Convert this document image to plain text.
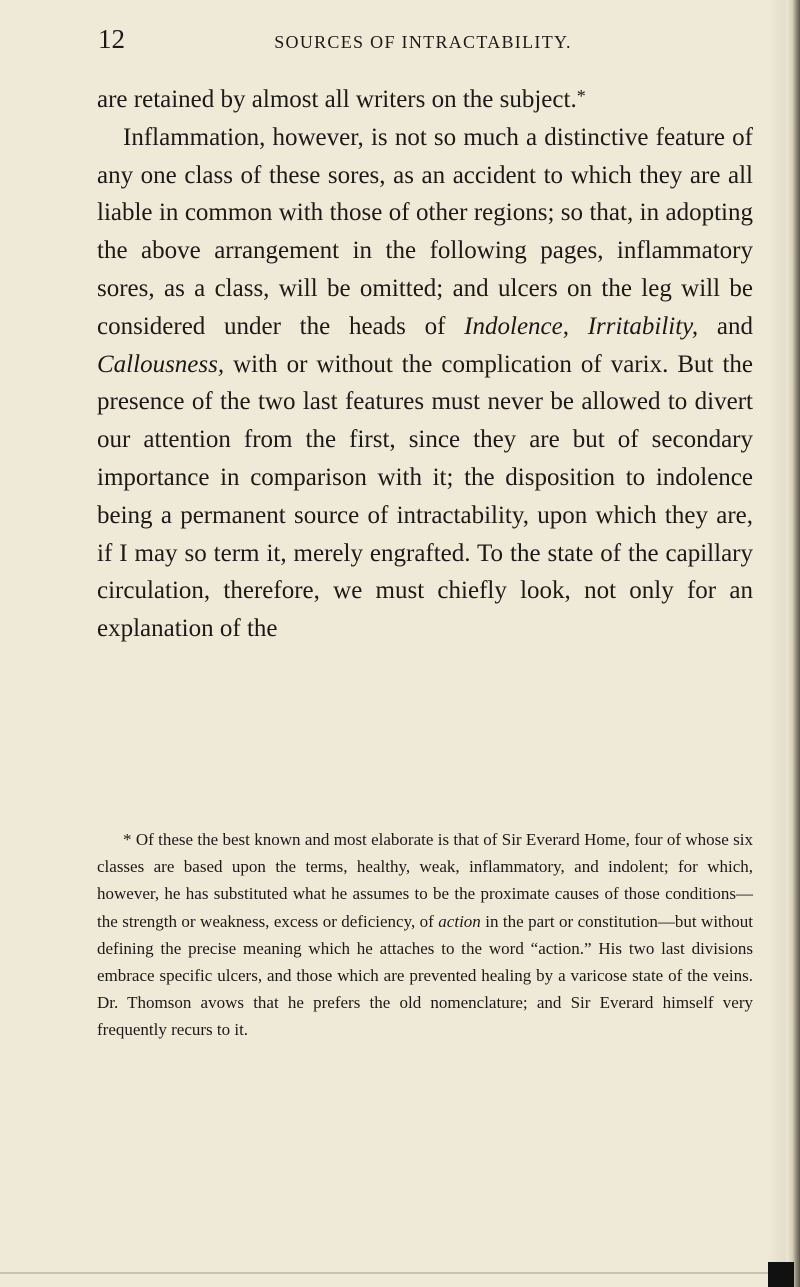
12	SOURCES OF INTRACTABILITY.

are retained by almost all writers on the subject.*

Inflammation, however, is not so much a distinctive feature of any one class of these sores, as an accident to which they are all liable in common with those of other regions; so that, in adopting the above arrangement in the following pages, inflammatory sores, as a class, will be omitted; and ulcers on the leg will be considered under the heads of Indolence, Irritability, and Callousness, with or without the complication of varix. But the presence of the two last features must never be allowed to divert our attention from the first, since they are but of secondary importance in comparison with it; the disposition to indolence being a permanent source of intractability, upon which they are, if I may so term it, merely engrafted. To the state of the capillary circulation, therefore, we must chiefly look, not only for an explanation of the

* Of these the best known and most elaborate is that of Sir Everard Home, four of whose six classes are based upon the terms, healthy, weak, inflammatory, and indolent; for which, however, he has substituted what he assumes to be the proximate causes of those conditions—the strength or weakness, excess or deficiency, of action in the part or constitution—but without defining the precise meaning which he attaches to the word “action.” His two last divisions embrace specific ulcers, and those which are prevented healing by a varicose state of the veins. Dr. Thomson avows that he prefers the old nomenclature; and Sir Everard himself very frequently recurs to it.
